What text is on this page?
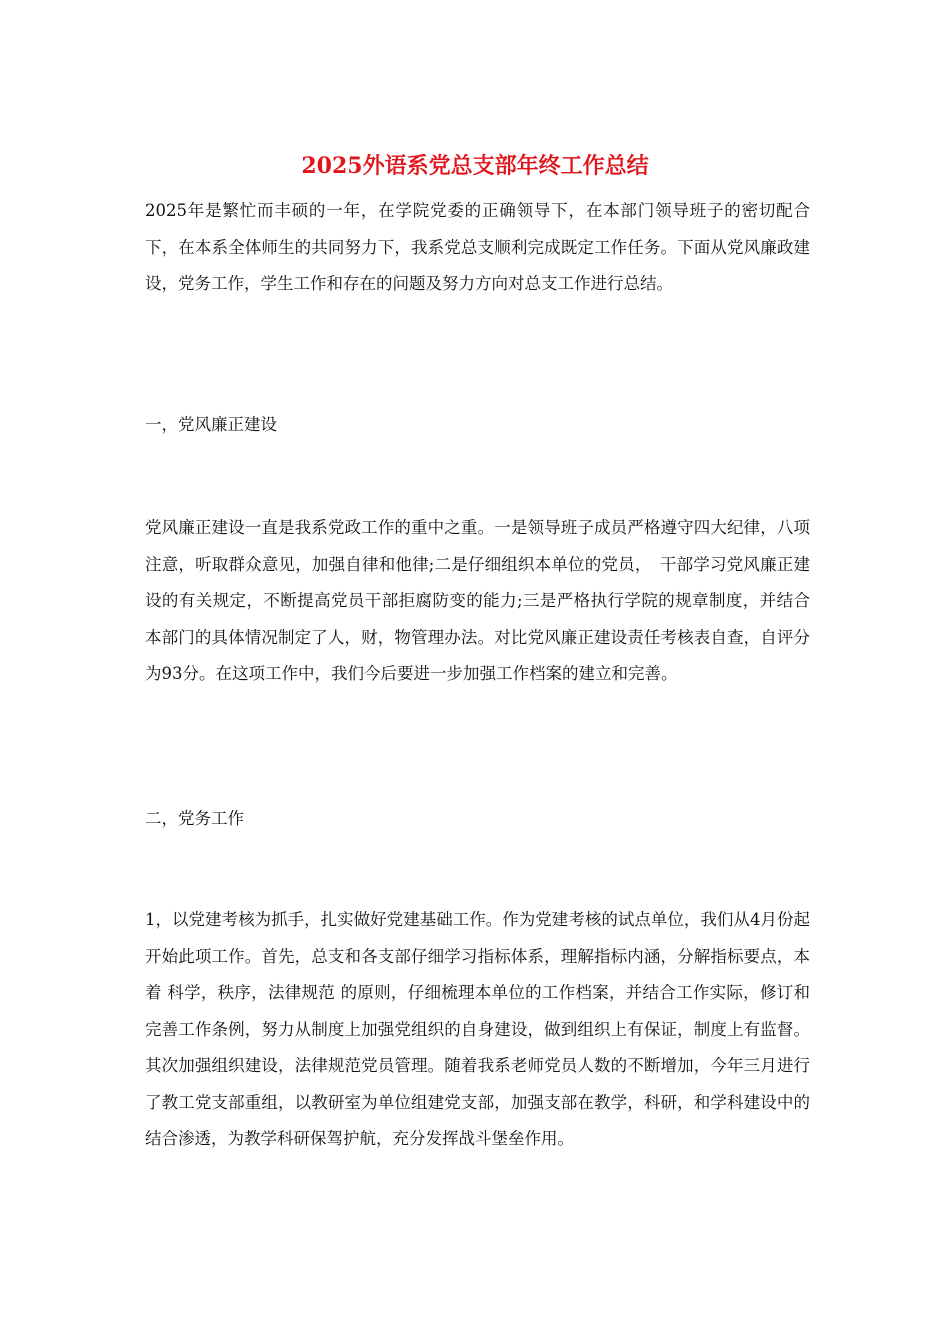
2025外语系党总支部年终工作总结

2025年是繁忙而丰硕的一年，在学院党委的正确领导下，在本部门领导班子的密切配合下，在本系全体师生的共同努力下，我系党总支顺利完成既定工作任务。下面从党风廉政建设，党务工作，学生工作和存在的问题及努力方向对总支工作进行总结。

一，党风廉正建设

党风廉正建设一直是我系党政工作的重中之重。一是领导班子成员严格遵守四大纪律，八项注意，听取群众意见，加强自律和他律;二是仔细组织本单位的党员，　干部学习党风廉正建设的有关规定，不断提高党员干部拒腐防变的能力;三是严格执行学院的规章制度，并结合本部门的具体情况制定了人，财，物管理办法。对比党风廉正建设责任考核表自查，自评分为93分。在这项工作中，我们今后要进一步加强工作档案的建立和完善。

二，党务工作

1，以党建考核为抓手，扎实做好党建基础工作。作为党建考核的试点单位，我们从4月份起开始此项工作。首先，总支和各支部仔细学习指标体系，理解指标内涵，分解指标要点，本着 科学，秩序，法律规范 的原则，仔细梳理本单位的工作档案，并结合工作实际，修订和完善工作条例，努力从制度上加强党组织的自身建设，做到组织上有保证，制度上有监督。其次加强组织建设，法律规范党员管理。随着我系老师党员人数的不断增加，今年三月进行了教工党支部重组，以教研室为单位组建党支部，加强支部在教学，科研，和学科建设中的结合渗透，为教学科研保驾护航，充分发挥战斗堡垒作用。
